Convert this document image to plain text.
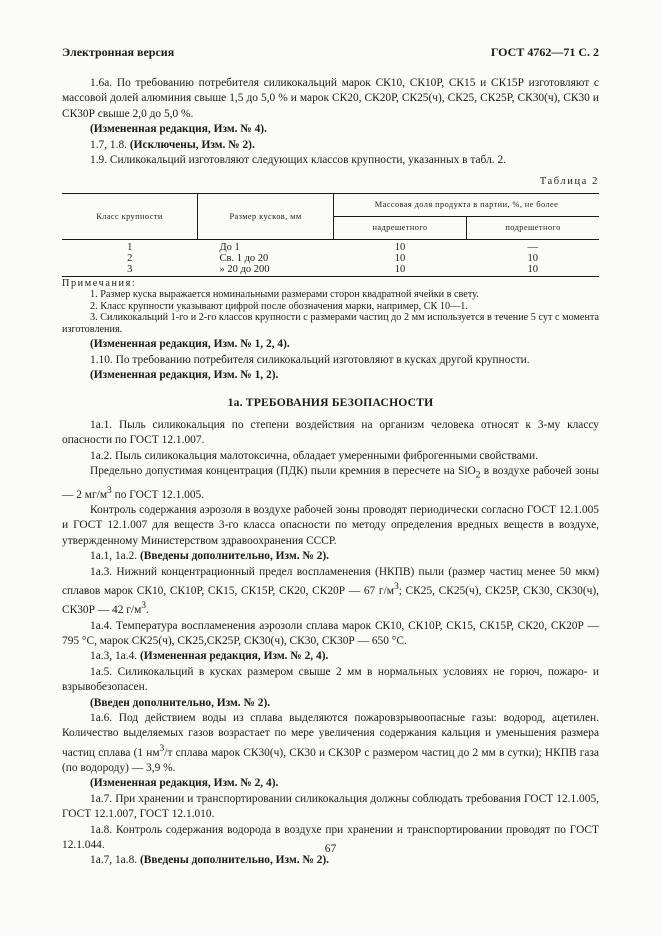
Электронная версия	ГОСТ 4762—71 С. 2

1.6а. По требованию потребителя силикокальций марок СК10, СК10Р, СК15 и СК15Р изготовляют с массовой долей алюминия свыше 1,5 до 5,0 % и марок СК20, СК20Р, СК25(ч), СК25, СК25Р, СК30(ч), СК30 и СК30Р свыше 2,0 до 5,0 %.

(Измененная редакция, Изм. № 4).

1.7, 1.8. (Исключены, Изм. № 2).

1.9. Силикокальций изготовляют следующих классов крупности, указанных в табл. 2.

Таблица 2
Класс крупности	Размер кусков, мм	Массовая доля продукта в партии, %, не более	
		надрешетного	подрешетного
1	До 1	10	—
2	Св. 1 до 20	10	10
3	» 20 до 200	10	10
Примечания:

1. Размер куска выражается номинальными размерами сторон квадратной ячейки в свету.

2. Класс крупности указывают цифрой после обозначения марки, например, СК 10—1.

3. Силикокальций 1-го и 2-го классов крупности с размерами частиц до 2 мм используется в течение 5 сут с момента изготовления.

(Измененная редакция, Изм. № 1, 2, 4).

1.10. По требованию потребителя силикокальций изготовляют в кусках другой крупности.

(Измененная редакция, Изм. № 1, 2).

1а. ТРЕБОВАНИЯ БЕЗОПАСНОСТИ

1а.1. Пыль силикокальция по степени воздействия на организм человека относят к 3-му классу опасности по ГОСТ 12.1.007.

1а.2. Пыль силикокальция малотоксична, обладает умеренными фиброгенными свойствами.

Предельно допустимая концентрация (ПДК) пыли кремния в пересчете на SiO$_2$ в воздухе рабочей зоны — 2 $мг/м^3$ по ГОСТ 12.1.005.

Контроль содержания аэрозоля в воздухе рабочей зоны проводят периодически согласно ГОСТ 12.1.005 и ГОСТ 12.1.007 для веществ 3-го класса опасности по методу определения вредных веществ в воздухе, утвержденному Министерством здравоохранения СССР.

1а.1, 1а.2. (Введены дополнительно, Изм. № 2).

1а.3. Нижний концентрационный предел воспламенения (НКПВ) пыли (размер частиц менее 50 мкм) сплавов марок СК10, СК10Р, СК15, СК15Р, СК20, СК20Р — 67 $г/м^3$; СК25, СК25(ч), СК25Р, СК30, СК30(ч), СК30Р — 42 $г/м^3$.

1а.4. Температура воспламенения аэрозоли сплава марок СК10, СК10Р, СК15, СК15Р, СК20, СК20Р — 795 °С, марок СК25(ч), СК25,СК25Р, СК30(ч), СК30, СК30Р — 650 °С.

1а.3, 1а.4. (Измененная редакция, Изм. № 2, 4).

1а.5. Силикокальций в кусках размером свыше 2 мм в нормальных условиях не горюч, пожаро- и взрывобезопасен.

(Введен дополнительно, Изм. № 2).

1а.6. Под действием воды из сплава выделяются пожаровзрывоопасные газы: водород, ацетилен. Количество выделяемых газов возрастает по мере увеличения содержания кальция и уменьшения размера частиц сплава (1 $нм^3/т$ сплава марок СК30(ч), СК30 и СК30Р с размером частиц до 2 мм в сутки); НКПВ газа (по водороду) — 3,9 %.

(Измененная редакция, Изм. № 2, 4).

1а.7. При хранении и транспортировании силикокальция должны соблюдать требования ГОСТ 12.1.005, ГОСТ 12.1.007, ГОСТ 12.1.010.

1а.8. Контроль содержания водорода в воздухе при хранении и транспортировании проводят по ГОСТ 12.1.044.

1а.7, 1а.8. (Введены дополнительно, Изм. № 2).

67
